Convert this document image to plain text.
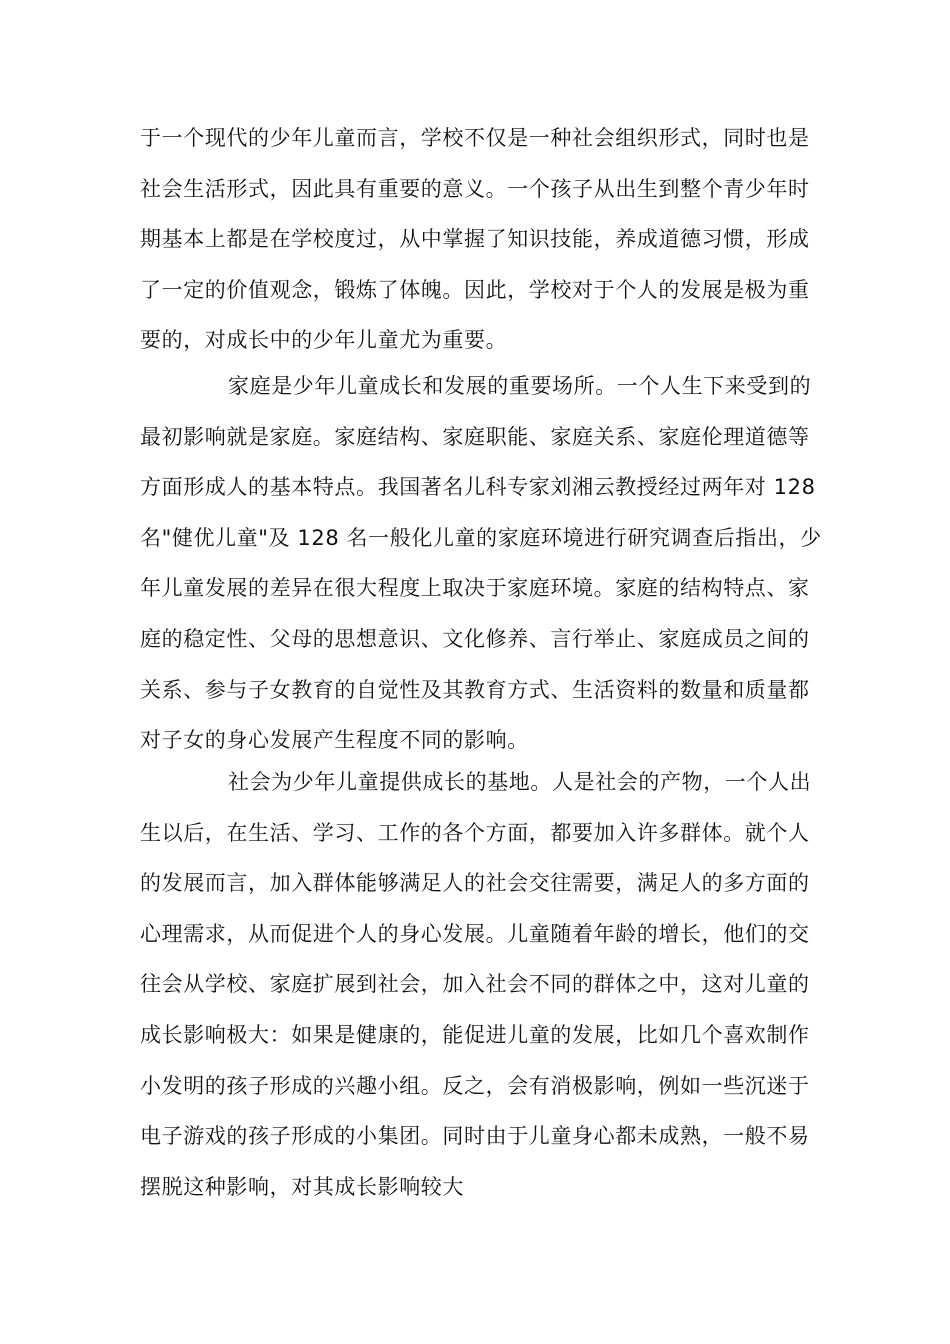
于一个现代的少年儿童而言，学校不仅是一种社会组织形式，同时也是
社会生活形式，因此具有重要的意义。一个孩子从出生到整个青少年时
期基本上都是在学校度过，从中掌握了知识技能，养成道德习惯，形成
了一定的价值观念，锻炼了体魄。因此，学校对于个人的发展是极为重
要的，对成长中的少年儿童尤为重要。
家庭是少年儿童成长和发展的重要场所。一个人生下来受到的
最初影响就是家庭。家庭结构、家庭职能、家庭关系、家庭伦理道德等
方面形成人的基本特点。我国著名儿科专家刘湘云教授经过两年对 128
名"健优儿童"及 128 名一般化儿童的家庭环境进行研究调查后指出，少
年儿童发展的差异在很大程度上取决于家庭环境。家庭的结构特点、家
庭的稳定性、父母的思想意识、文化修养、言行举止、家庭成员之间的
关系、参与子女教育的自觉性及其教育方式、生活资料的数量和质量都
对子女的身心发展产生程度不同的影响。
社会为少年儿童提供成长的基地。人是社会的产物，一个人出
生以后，在生活、学习、工作的各个方面，都要加入许多群体。就个人
的发展而言，加入群体能够满足人的社会交往需要，满足人的多方面的
心理需求，从而促进个人的身心发展。儿童随着年龄的增长，他们的交
往会从学校、家庭扩展到社会，加入社会不同的群体之中，这对儿童的
成长影响极大：如果是健康的，能促进儿童的发展，比如几个喜欢制作
小发明的孩子形成的兴趣小组。反之，会有消极影响，例如一些沉迷于
电子游戏的孩子形成的小集团。同时由于儿童身心都未成熟，一般不易
摆脱这种影响，对其成长影响较大
